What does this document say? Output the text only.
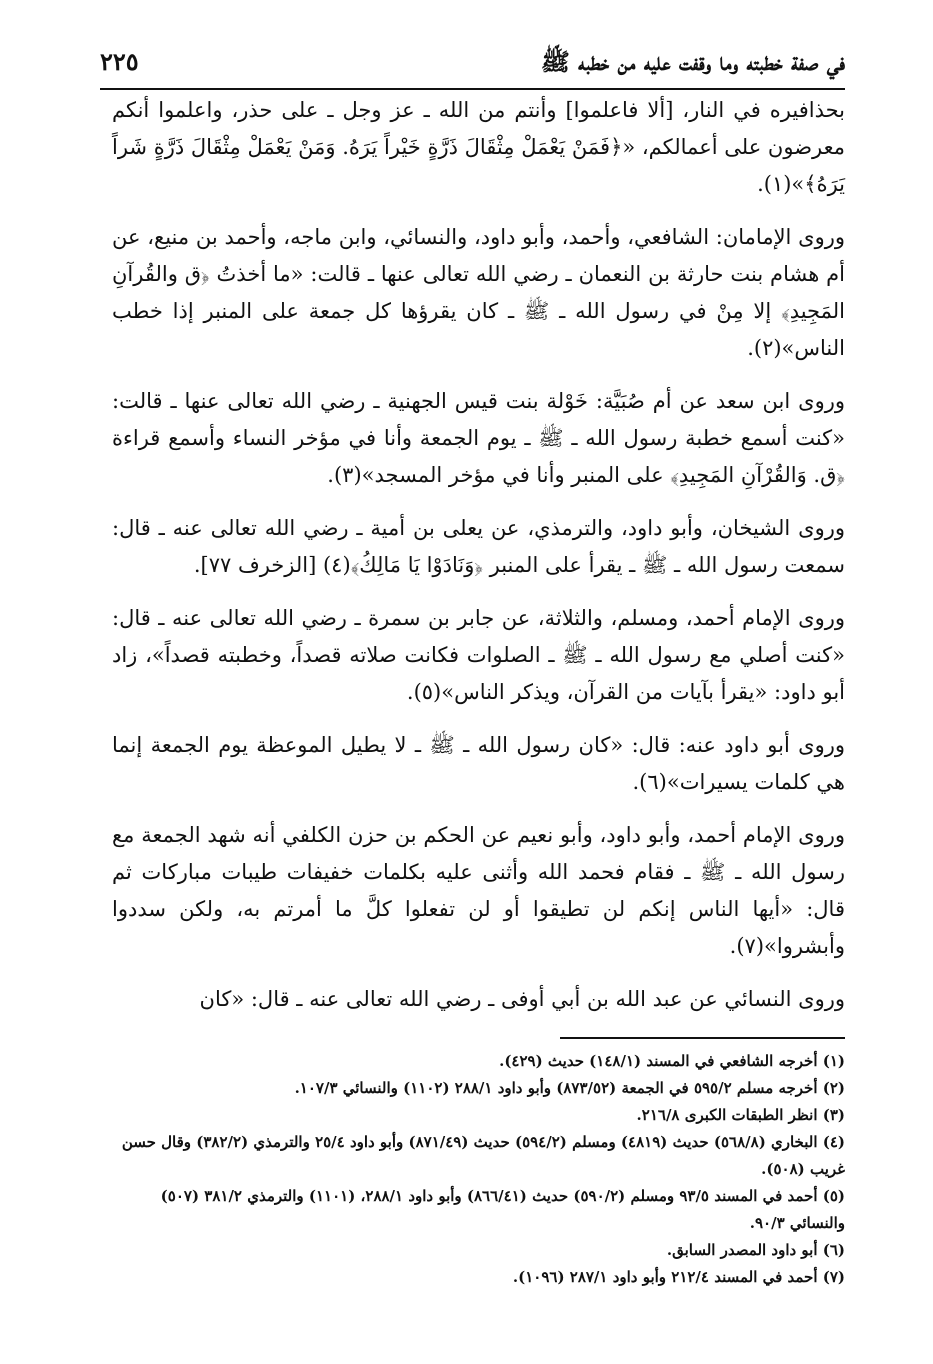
في صفة خطبته وما وقفت عليه من خطبه ﷺ
٢٢٥

بحذافيره في النار، [ألا فاعلموا] وأنتم من الله ـ عز وجل ـ على حذر، واعلموا أنكم معرضون على أعمالكم، «﴿فَمَنْ يَعْمَلْ مِثْقَالَ ذَرَّةٍ خَيْراً يَرَهُ. وَمَنْ يَعْمَلْ مِثْقَالَ ذَرَّةٍ شَراً يَرَهُ﴾»(١).

وروى الإمامان: الشافعي، وأحمد، وأبو داود، والنسائي، وابن ماجه، وأحمد بن منيع، عن أم هشام بنت حارثة بن النعمان ـ رضي الله تعالى عنها ـ قالت: «ما أخذتُ ﴿ق والقُرآنِ المَجِيدِ﴾ إلا مِنْ في رسول الله ـ ﷺ ـ كان يقرؤها كل جمعة على المنبر إذا خطب الناس»(٢).

وروى ابن سعد عن أم صُبَيَّة: خَوْلة بنت قيس الجهنية ـ رضي الله تعالى عنها ـ قالت: «كنت أسمع خطبة رسول الله ـ ﷺ ـ يوم الجمعة وأنا في مؤخر النساء وأسمع قراءة ﴿ق. وَالقُرْآنِ المَجِيدِ﴾ على المنبر وأنا في مؤخر المسجد»(٣).

وروى الشيخان، وأبو داود، والترمذي، عن يعلى بن أمية ـ رضي الله تعالى عنه ـ قال: سمعت رسول الله ـ ﷺ ـ يقرأ على المنبر ﴿وَنَادَوْا يَا مَالِكُ﴾(٤) [الزخرف ٧٧].

وروى الإمام أحمد، ومسلم، والثلاثة، عن جابر بن سمرة ـ رضي الله تعالى عنه ـ قال: «كنت أصلي مع رسول الله ـ ﷺ ـ الصلوات فكانت صلاته قصداً، وخطبته قصداً»، زاد أبو داود: «يقرأ بآيات من القرآن، ويذكر الناس»(٥).

وروى أبو داود عنه: قال: «كان رسول الله ـ ﷺ ـ لا يطيل الموعظة يوم الجمعة إنما هي كلمات يسيرات»(٦).

وروى الإمام أحمد، وأبو داود، وأبو نعيم عن الحكم بن حزن الكلفي أنه شهد الجمعة مع رسول الله ـ ﷺ ـ فقام فحمد الله وأثنى عليه بكلمات خفيفات طيبات مباركات ثم قال: «أيها الناس إنكم لن تطيقوا أو لن تفعلوا كلَّ ما أمرتم به، ولكن سددوا وأبشروا»(٧).

وروى النسائي عن عبد الله بن أبي أوفى ـ رضي الله تعالى عنه ـ قال: «كان

(١) أخرجه الشافعي في المسند (١٤٨/١) حديث (٤٢٩).
(٢) أخرجه مسلم ٥٩٥/٢ في الجمعة (٨٧٣/٥٢) وأبو داود ٢٨٨/١ (١١٠٢) والنسائي ١٠٧/٣.
(٣) انظر الطبقات الكبرى ٢١٦/٨.
(٤) البخاري (٥٦٨/٨) حديث (٤٨١٩) ومسلم (٥٩٤/٢) حديث (٨٧١/٤٩) وأبو داود ٢٥/٤ والترمذي (٣٨٢/٢) وقال حسن غريب (٥٠٨).
(٥) أحمد في المسند ٩٣/٥ ومسلم (٥٩٠/٢) حديث (٨٦٦/٤١) وأبو داود ٢٨٨/١، (١١٠١) والترمذي ٣٨١/٢ (٥٠٧) والنسائي ٩٠/٣.
(٦) أبو داود المصدر السابق.
(٧) أحمد في المسند ٢١٢/٤ وأبو داود ٢٨٧/١ (١٠٩٦).
